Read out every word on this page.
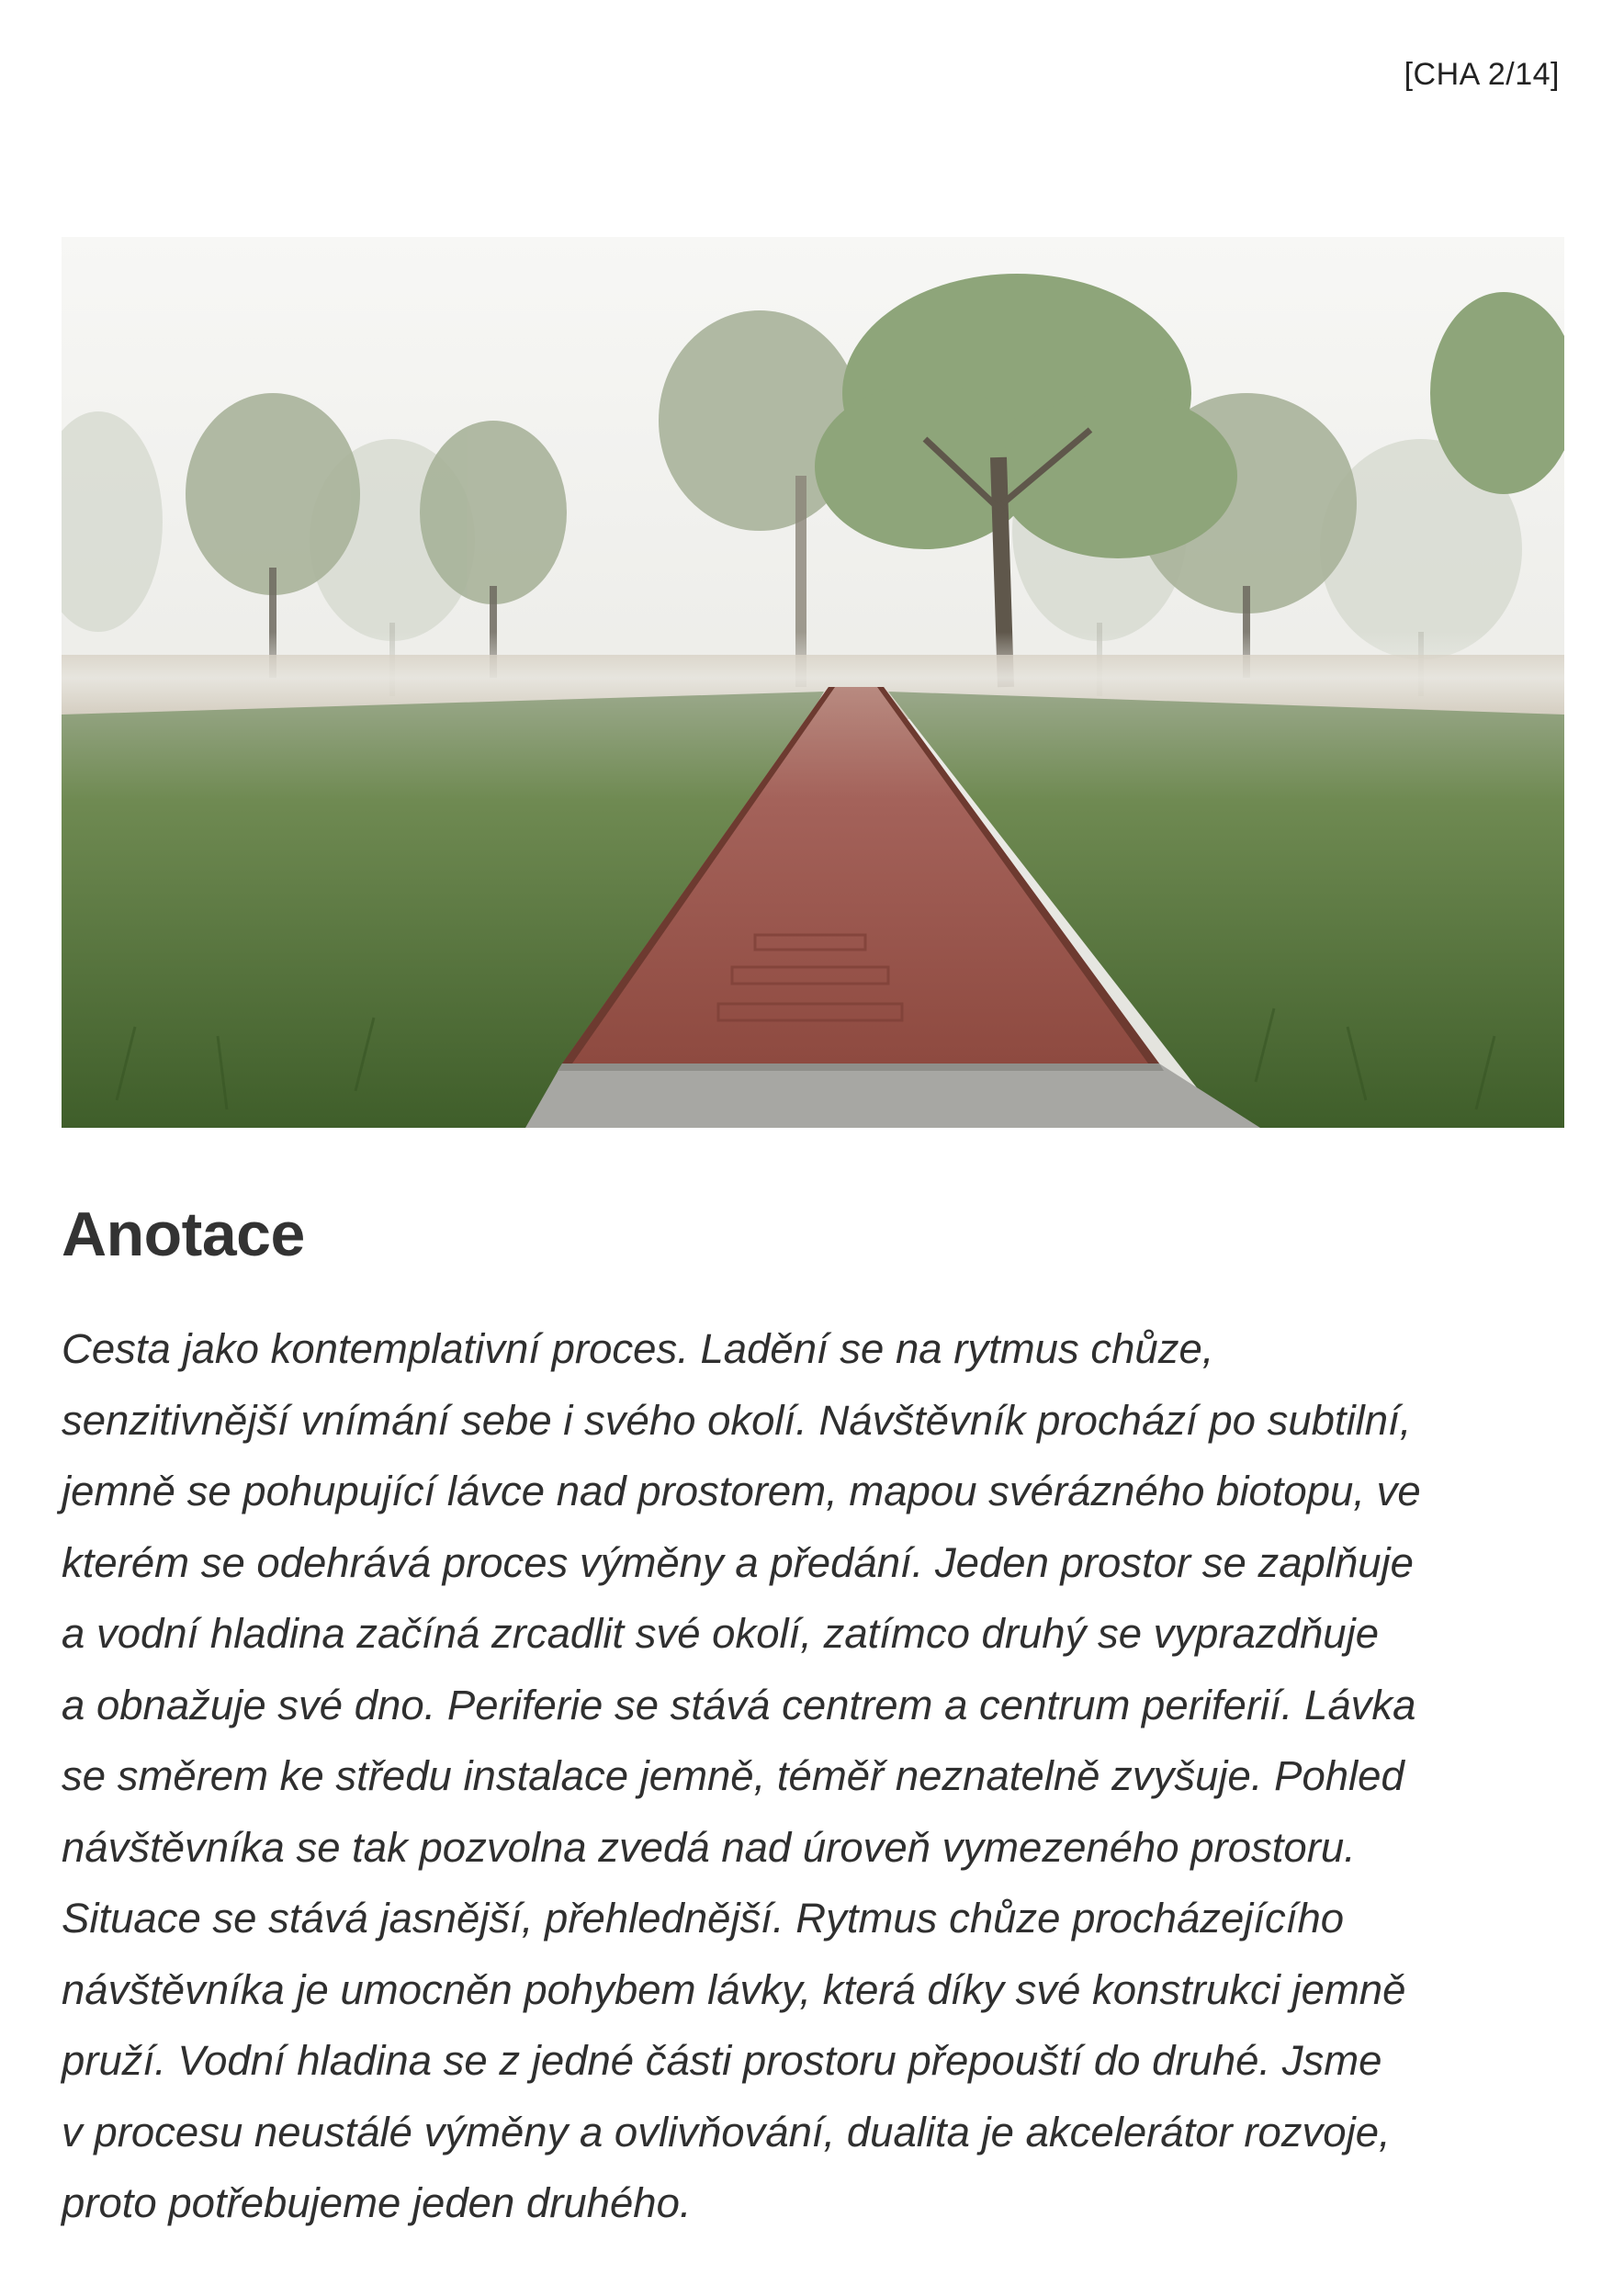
[CHA 2/14]
Anotace
Cesta jako kontemplativní proces. Ladění se na rytmus chůze,
senzitivnější vnímání sebe i svého okolí. Návštěvník prochází po subtilní,
jemně se pohupující lávce nad prostorem, mapou svérázného biotopu, ve
kterém se odehrává proces výměny a předání. Jeden prostor se zaplňuje
a vodní hladina začíná zrcadlit své okolí, zatímco druhý se vyprazdňuje
a obnažuje své dno. Periferie se stává centrem a centrum periferií. Lávka
se směrem ke středu instalace jemně, téměř neznatelně zvyšuje. Pohled
návštěvníka se tak pozvolna zvedá nad úroveň vymezeného prostoru.
Situace se stává jasnější, přehlednější. Rytmus chůze procházejícího
návštěvníka je umocněn pohybem lávky, která díky své konstrukci jemně
pruží. Vodní hladina se z jedné části prostoru přepouští do druhé. Jsme
v procesu neustálé výměny a ovlivňování, dualita je akcelerátor rozvoje,
proto potřebujeme jeden druhého.
